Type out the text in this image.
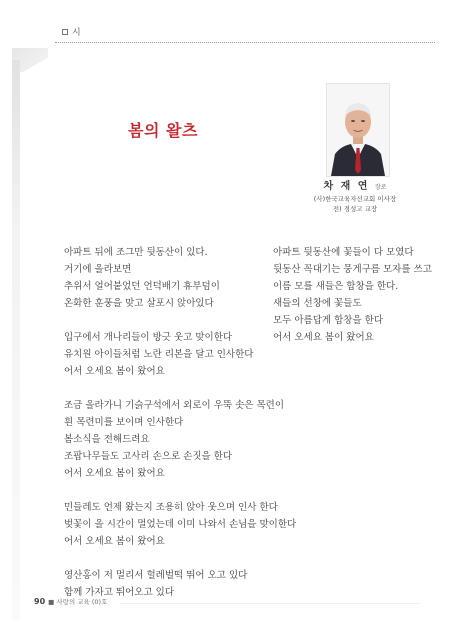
시
봄의 왈츠
차 재 연 장로
(사)한국교육자선교회 이사장
전) 경성고 교장
아파트 뒤에 조그만 뒷동산이 있다.
거기에 올라보면
추위서 얼어붙었던 언덕배기 휴부덤이
온화한 훈풍을 맞고 살포시 앉아있다
입구에서 개나리들이 방긋 웃고 맞이한다
유치원 아이들처럼 노란 리본을 달고 인사한다
어서 오세요 봄이 왔어요
조금 올라가니 기슭구석에서 외로이 우뚝 솟은 목련이
흰 목련미를 보이며 인사한다
봄소식을 전해드려요
조팝나무들도 고사리 손으로 손짓을 한다
어서 오세요 봄이 왔어요
민들레도 언제 왔는지 조용히 앉아 웃으며 인사 한다
벚꽃이 올 시간이 멀었는데 이미 나와서 손님을 맞이한다
어서 오세요 봄이 왔어요
영산홍이 저 멀리서 헐레벌떡 뛰어 오고 있다
함께 가자고 뛰어오고 있다
아파트 뒷동산에 꽃들이 다 모였다
뒷동산 꼭대기는 뭉게구름 모자를 쓰고
이름 모를 새들은 합창을 한다.
새들의 선창에 꽃들도
모두 아름답게 합창을 한다
어서 오세요 봄이 왔어요
90 ■ 사랑의 교육 (0)호
